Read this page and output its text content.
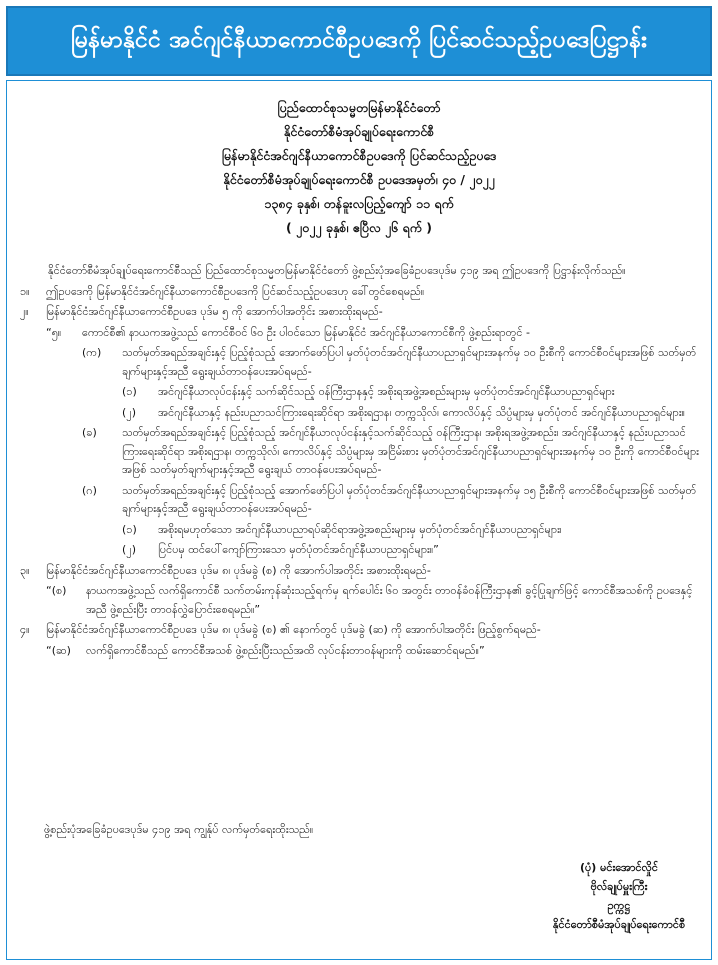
မြန်မာနိုင်ငံ အင်ဂျင်နီယာကောင်စီဥပဒေကို ပြင်ဆင်သည့်ဥပဒေပြဋ္ဌာန်း
ပြည်ထောင်စုသမ္မတမြန်မာနိုင်ငံတော်
နိုင်ငံတော်စီမံအုပ်ချုပ်ရေးကောင်စီ
မြန်မာနိုင်ငံအင်ဂျင်နီယာကောင်စီဥပဒေကို ပြင်ဆင်သည့်ဥပဒေ
နိုင်ငံတော်စီမံအုပ်ချုပ်ရေးကောင်စီ ဥပဒေအမှတ်၊ ၄၀ / ၂၀၂၂
၁၃၈၄ ခုနှစ်၊ တန်ခူးလပြည့်ကျော် ၁၁ ရက်
( ၂၀၂၂ ခုနှစ်၊ ဧပြီလ ၂၆ ရက် )
နိုင်ငံတော်စီမံအုပ်ချုပ်ရေးကောင်စီသည် ပြည်ထောင်စုသမ္မတမြန်မာနိုင်ငံတော် ဖွဲ့စည်းပုံအခြေခံဥပဒေပုဒ်မ ၄၁၉ အရ ဤဥပဒေကို ပြဋ္ဌာန်းလိုက်သည်။
၁။	ဤဥပဒေကို မြန်မာနိုင်ငံအင်ဂျင်နီယာကောင်စီဥပဒေကို ပြင်ဆင်သည့်ဥပဒေဟု ခေါ်တွင်စေရမည်။
၂။	မြန်မာနိုင်ငံအင်ဂျင်နီယာကောင်စီဥပဒေ ပုဒ်မ ၅ ကို အောက်ပါအတိုင်း အစားထိုးရမည်-
“၅။	ကောင်စီ၏ နာယကအဖွဲ့သည် ကောင်စီဝင် ၆၀ ဦး ပါဝင်သော မြန်မာနိုင်ငံ အင်ဂျင်နီယာကောင်စီကို ဖွဲ့စည်းရာတွင် -
(က)	သတ်မှတ်အရည်အချင်းနှင့် ပြည့်စုံသည့် အောက်ဖော်ပြပါ မှတ်ပုံတင်အင်ဂျင်နီယာပညာရှင်များအနက်မှ ၁၀ ဦးစီကို ကောင်စီဝင်များအဖြစ် သတ်မှတ်ချက်များနှင့်အညီ ရွေးချယ်တာဝန်ပေးအပ်ရမည်-
(၁)	အင်ဂျင်နီယာလုပ်ငန်းနှင့် သက်ဆိုင်သည့် ဝန်ကြီးဌာနနှင့် အစိုးရအဖွဲ့အစည်းများမှ မှတ်ပုံတင်အင်ဂျင်နီယာပညာရှင်များ
(၂)	အင်ဂျင်နီယာနှင့် နည်းပညာသင်ကြားရေးဆိုင်ရာ အစိုးရဌာန၊ တက္ကသိုလ်၊ ကောလိပ်နှင့် သိပ္ပံများမှ မှတ်ပုံတင် အင်ဂျင်နီယာပညာရှင်များ။
(ခ)	သတ်မှတ်အရည်အချင်းနှင့် ပြည့်စုံသည့် အင်ဂျင်နီယာလုပ်ငန်းနှင့်သက်ဆိုင်သည့် ဝန်ကြီးဌာန၊ အစိုးရအဖွဲ့အစည်း၊ အင်ဂျင်နီယာနှင့် နည်းပညာသင်ကြားရေးဆိုင်ရာ အစိုးရဌာန၊ တက္ကသိုလ်၊ ကောလိပ်နှင့် သိပ္ပံများမှ အငြိမ်းစား မှတ်ပုံတင်အင်ဂျင်နီယာပညာရှင်များအနက်မှ ၁၀ ဦးကို ကောင်စီဝင်များအဖြစ် သတ်မှတ်ချက်များနှင့်အညီ ရွေးချယ် တာဝန်ပေးအပ်ရမည်-
(ဂ)	သတ်မှတ်အရည်အချင်းနှင့် ပြည့်စုံသည့် အောက်ဖော်ပြပါ မှတ်ပုံတင်အင်ဂျင်နီယာပညာရှင်များအနက်မှ ၁၅ ဦးစီကို ကောင်စီဝင်များအဖြစ် သတ်မှတ်ချက်များနှင့်အညီ ရွေးချယ်တာဝန်ပေးအပ်ရမည်-
(၁)	အစိုးရမဟုတ်သော အင်ဂျင်နီယာပညာရပ်ဆိုင်ရာအဖွဲ့အစည်းများမှ မှတ်ပုံတင်အင်ဂျင်နီယာပညာရှင်များ၊
(၂)	ပြင်ပမှ ထင်ပေါ်ကျော်ကြားသော မှတ်ပုံတင်အင်ဂျင်နီယာပညာရှင်များ။”
၃။	မြန်မာနိုင်ငံအင်ဂျင်နီယာကောင်စီဥပဒေ ပုဒ်မ ၈၊ ပုဒ်မခွဲ (စ) ကို အောက်ပါအတိုင်း အစားထိုးရမည်-
“(စ)	နာယကအဖွဲ့သည် လက်ရှိကောင်စီ သက်တမ်းကုန်ဆုံးသည့်ရက်မှ ရက်ပေါင်း ၆၀ အတွင်း တာဝန်ခံဝန်ကြီးဌာန၏ ခွင့်ပြုချက်ဖြင့် ကောင်စီအသစ်ကို ဥပဒေနှင့်အညီ ဖွဲ့စည်းပြီး တာဝန်လွှဲပြောင်းစေရမည်။”
၄။	မြန်မာနိုင်ငံအင်ဂျင်နီယာကောင်စီဥပဒေ ပုဒ်မ ၈၊ ပုဒ်မခွဲ (စ) ၏ နောက်တွင် ပုဒ်မခွဲ (ဆ) ကို အောက်ပါအတိုင်း ဖြည့်စွက်ရမည်-
“(ဆ)	လက်ရှိကောင်စီသည် ကောင်စီအသစ် ဖွဲ့စည်းပြီးသည်အထိ လုပ်ငန်းတာဝန်များကို ထမ်းဆောင်ရမည်။”
ဖွဲ့စည်းပုံအခြေခံဥပဒေပုဒ်မ ၄၁၉ အရ ကျွန်ုပ် လက်မှတ်ရေးထိုးသည်။
(ပုံ) မင်းအောင်လှိုင်
ဗိုလ်ချုပ်မှူးကြီး
ဥက္ကဋ္ဌ
နိုင်ငံတော်စီမံအုပ်ချုပ်ရေးကောင်စီ
